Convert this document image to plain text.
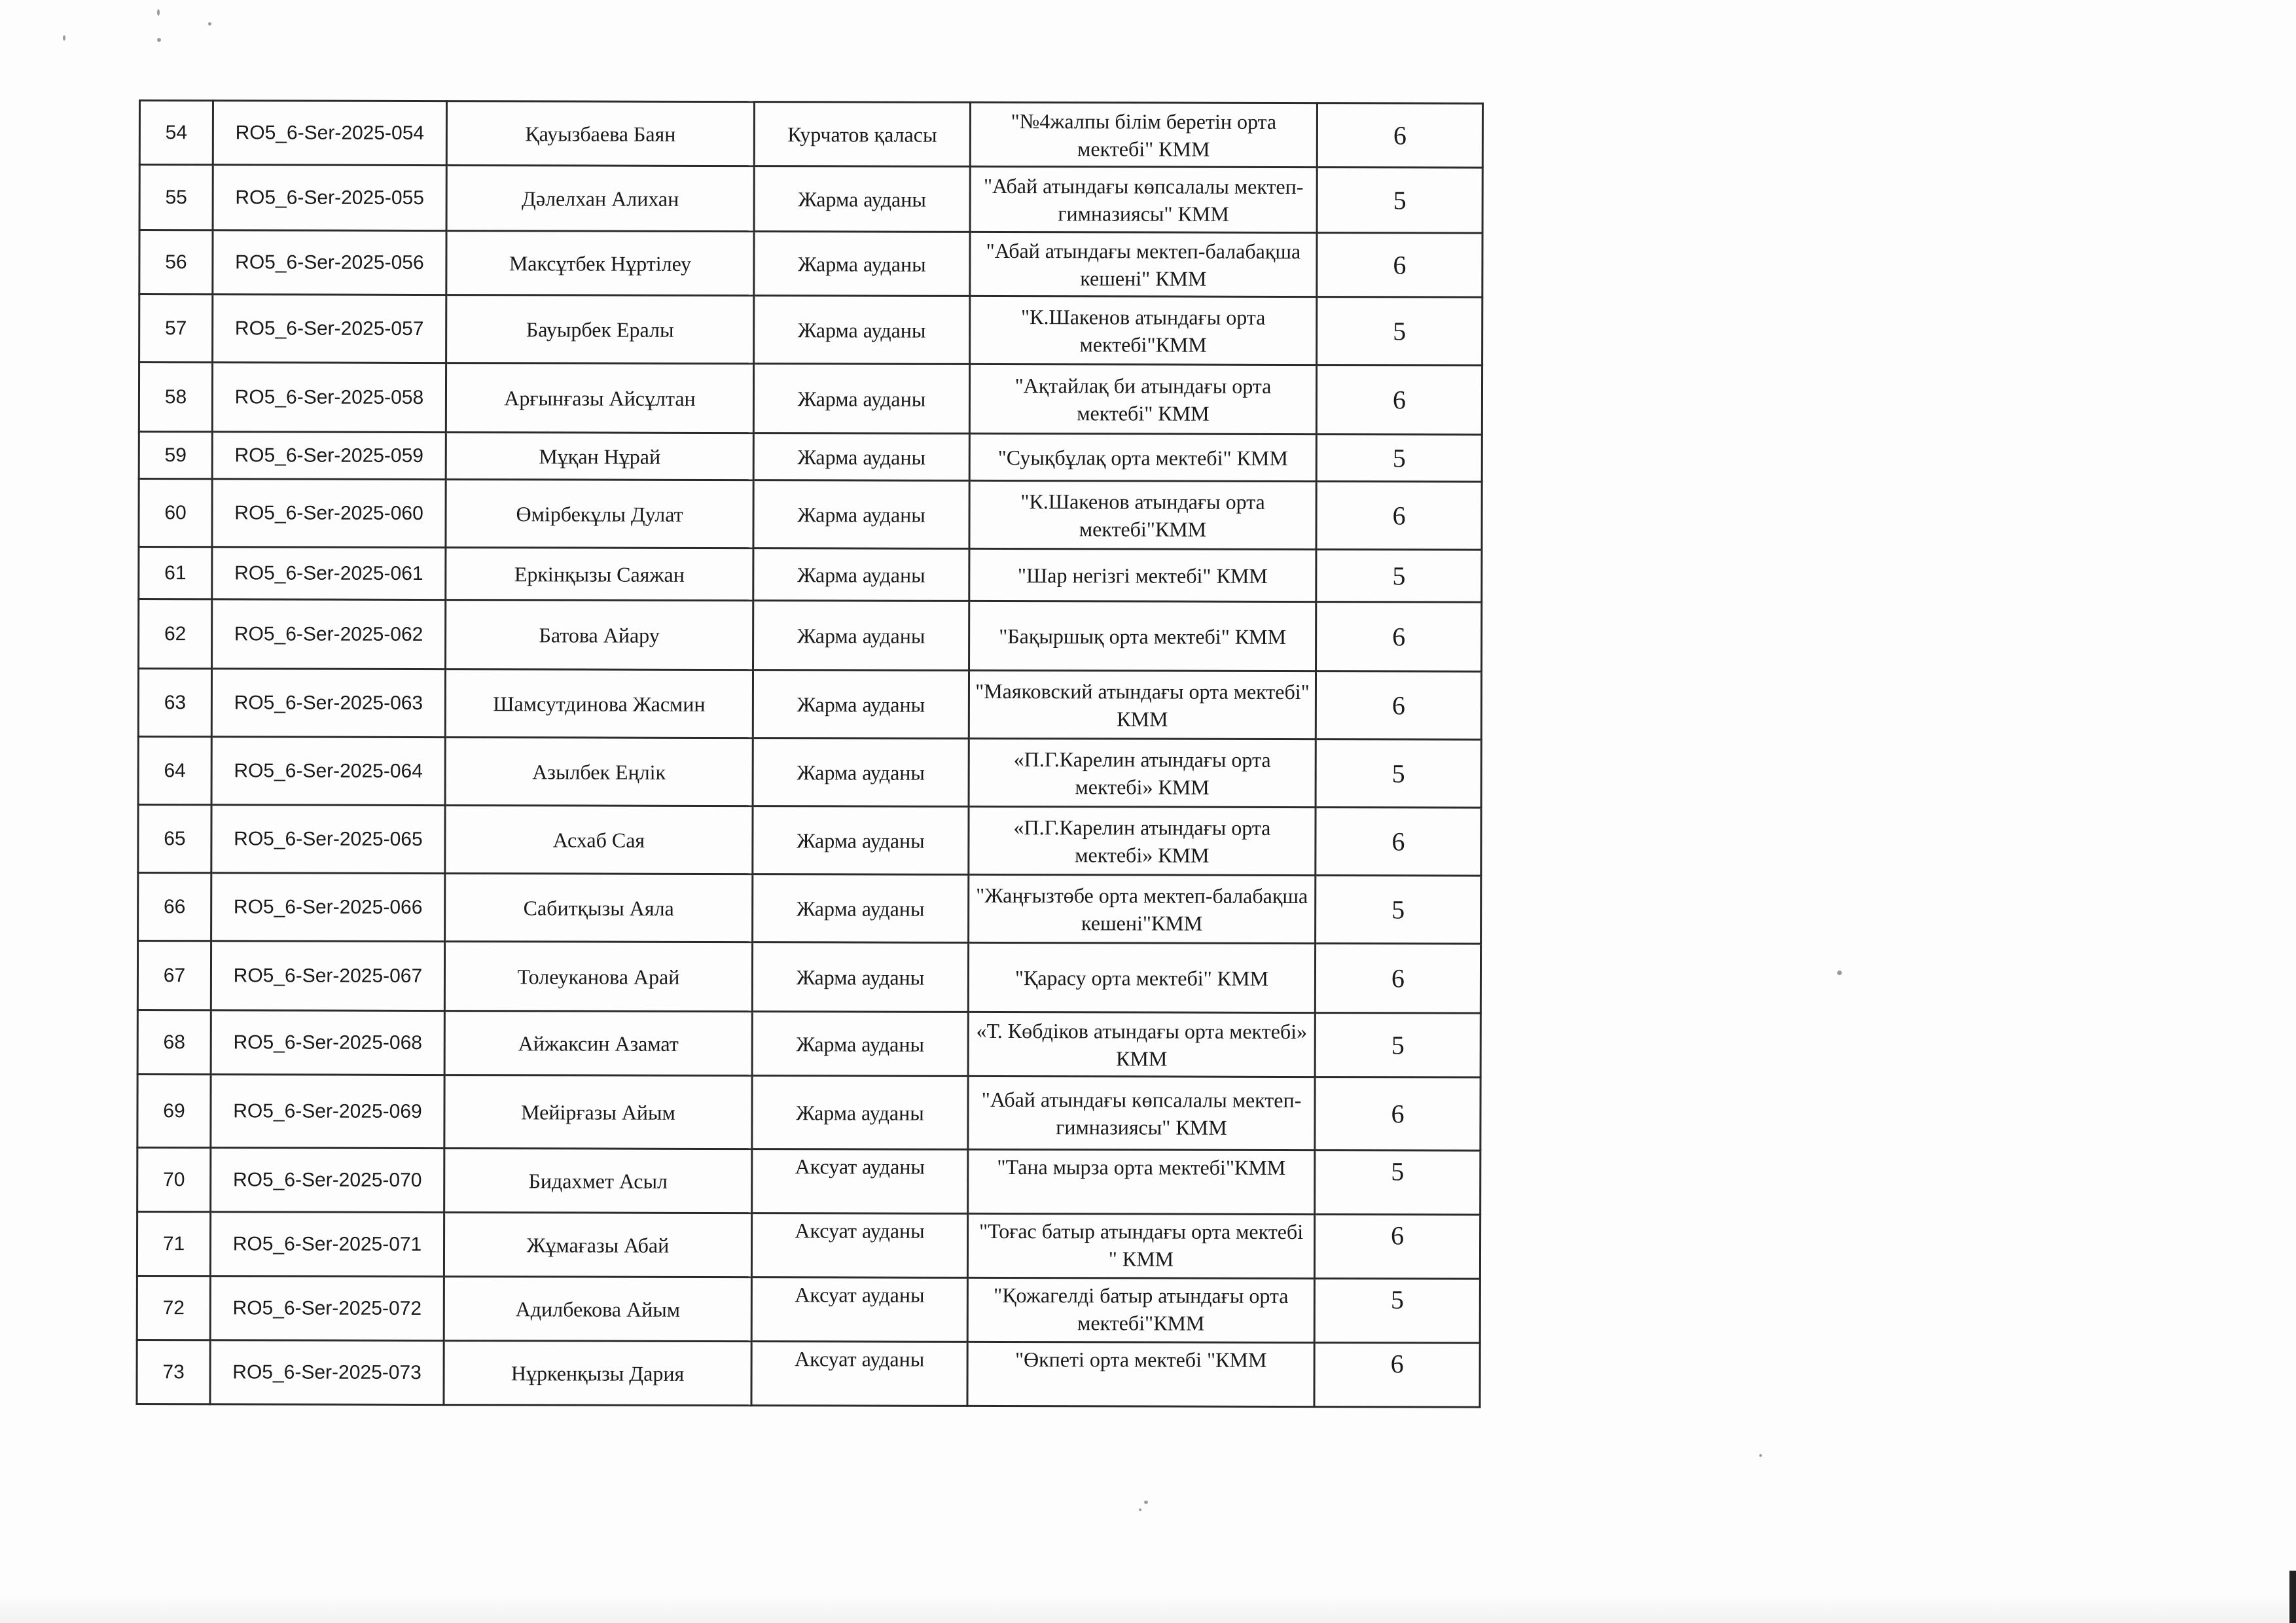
54	RO5_6-Ser-2025-054	Қауызбаева Баян	Курчатов қаласы	"№4жалпы білім беретін орта мектебі" КММ	6
55	RO5_6-Ser-2025-055	Дәлелхан Алихан	Жарма ауданы	"Абай атындағы көпсалалы мектеп-гимназиясы" КММ	5
56	RO5_6-Ser-2025-056	Максұтбек Нұртілеу	Жарма ауданы	"Абай атындағы мектеп-балабақша кешені" КММ	6
57	RO5_6-Ser-2025-057	Бауырбек Ералы	Жарма ауданы	"К.Шакенов атындағы орта мектебі"КММ	5
58	RO5_6-Ser-2025-058	Арғынғазы Айсұлтан	Жарма ауданы	"Ақтайлақ би атындағы орта мектебі" КММ	6
59	RO5_6-Ser-2025-059	Мұқан Нұрай	Жарма ауданы	"Суықбұлақ орта мектебі" КММ	5
60	RO5_6-Ser-2025-060	Өмірбекұлы Дулат	Жарма ауданы	"К.Шакенов атындағы орта мектебі"КММ	6
61	RO5_6-Ser-2025-061	Еркінқызы Саяжан	Жарма ауданы	"Шар негізгі мектебі" КММ	5
62	RO5_6-Ser-2025-062	Батова Айару	Жарма ауданы	"Бақыршық орта мектебі" КММ	6
63	RO5_6-Ser-2025-063	Шамсутдинова Жасмин	Жарма ауданы	"Маяковский атындағы орта мектебі" КММ	6
64	RO5_6-Ser-2025-064	Азылбек Еңлік	Жарма ауданы	«П.Г.Карелин атындағы орта мектебі» КММ	5
65	RO5_6-Ser-2025-065	Асхаб Сая	Жарма ауданы	«П.Г.Карелин атындағы орта мектебі» КММ	6
66	RO5_6-Ser-2025-066	Сабитқызы Аяла	Жарма ауданы	"Жаңғызтөбе орта мектеп-балабақша кешені"КММ	5
67	RO5_6-Ser-2025-067	Толеуканова Арай	Жарма ауданы	"Қарасу орта мектебі" КММ	6
68	RO5_6-Ser-2025-068	Айжаксин Азамат	Жарма ауданы	«Т. Көбдіков атындағы орта мектебі» КММ	5
69	RO5_6-Ser-2025-069	Мейірғазы Айым	Жарма ауданы	"Абай атындағы көпсалалы мектеп-гимназиясы" КММ	6
70	RO5_6-Ser-2025-070	Бидахмет Асыл	Аксуат ауданы	"Тана мырза орта мектебі"КММ	5
71	RO5_6-Ser-2025-071	Жұмағазы Абай	Аксуат ауданы	"Тоғас батыр атындағы орта мектебі " КММ	6
72	RO5_6-Ser-2025-072	Адилбекова Айым	Аксуат ауданы	"Қожагелді батыр атындағы орта мектебі"КММ	5
73	RO5_6-Ser-2025-073	Нұркенқызы Дария	Аксуат ауданы	"Өкпеті орта мектебі "КММ	6
